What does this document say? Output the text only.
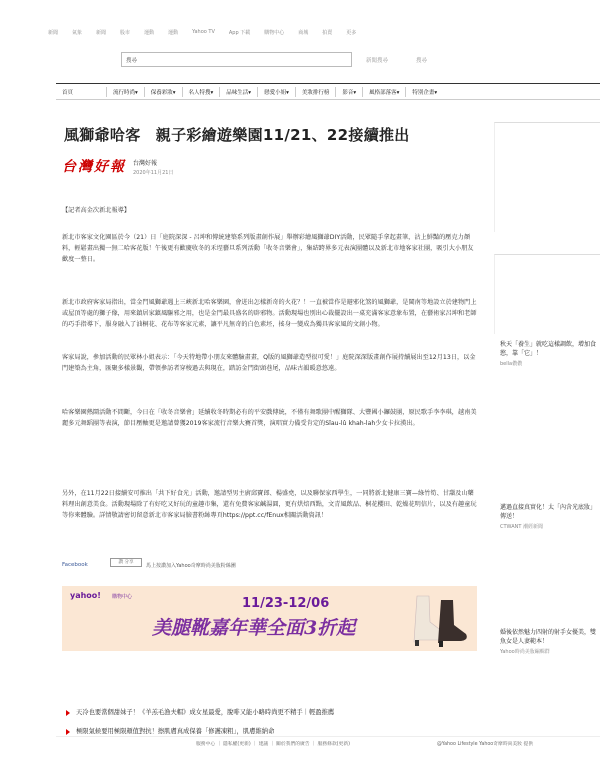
新聞	氣象	新聞	股市	運動	運動	Yahoo TV	App 下載	購物中心	商城	拍賣	更多
搜尋	新聞搜尋	搜尋
首頁	流行時尚▾	保養彩妝▾	名人特搜▾	品味生活▾	戀愛小姐▾	美妝排行榜	影音▾	風格部落客▾	特別企畫▾
風獅爺哈客　親子彩繪遊樂園11/21、22接續推出
台灣好報 台灣好報
2020年11月21日

【記者高金次新北報導】

新北市客家文化園區於今（21）日「庭院深深 - 呂坤和傳統建築系列版畫創作展」舉辦彩繪風獅爺DIY活動，民眾隨手拿起畫筆，沾上鮮豔的壓克力顏料，輕鬆畫出獨一無二哈客花版！午後更有歡慶收冬的禾埕藝旦系列活動「收冬音樂會」，集結跨界多元表演團體以及新北市地客家社團，吸引大小朋友歡度一整日。

新北市政府客家局指出，當金門風獅爺遇上三峽新北哈客樂園，會迸出怎樣新奇的火花？！一直被當作是避邪化煞的風獅爺，是閩南等地設立於建物門上或屋頂等處的獅子像，用來鎮居家鎮風驅邪之用，也是金門最具盛名的辟邪物。活動現場也別出心裁擺設出一桌充滿客家意象布置，在藝術家呂坤和老師的巧手指導下，服身融入了油桐花、花布等客家元素，讓平凡無奇的白色素坯，搖身一變成為獨具客家風的文創小物。

客家局說，參加活動的民眾林小姐表示：「今天特地帶小朋友來體驗畫畫，Q版的風獅爺造型很可愛！」庭院深深版畫創作展持續展出至12月13日，以金門建築為主角，匯聚多樣景觀，帶領參訪者穿梭過去與現在，踏訪金門街頭巷尾，品味古韻暖意悠遠。

哈客樂園熱鬧活動不間斷，今日在「收冬音樂會」延續收冬時期必有的平安戲傳統，不僅有舞歌團中醒獅隊、大豐國小鑼鼓團，原民歌手李李琪，越南美麗多元舞蹈團等表演，節目壓軸更是邀請曾獲2019客家流行音樂大賽首獎，演唱實力備受肯定的Sîau-lû khah-lah少女卡拉漢出。

另外，在11月22日接續安可推出「共下好食光」活動，邀請型男主廚邱寶郎、楊盛堯，以及聯保家西學生，一同將新北健康三寶—綠竹筍、甘藷及山藥料理出創意美食。活動現場除了有好吃又好玩的童趣市集，還有免費客家鹹湯圓，更有烘焙西點，文青風飲品、桐花櫻田、乾燥花明信片，以及有趣童玩等你來體驗。詳情敬請密切留意新北市客家局臉書粉絲專頁https://ppt.cc/fEnux相關活動資訊！

Facebook	讚 分享
馬上按讚加入Yahoo奇摩時尚美妝粉絲團
yahoo! 購物中心	11/23-12/06
美腿靴嘉年華全面3折起
秋天「養生」就吃這樣調飲，增加食慾，靠「它」！
bella儂儂
邁過直接真實化！太「內含光底妝」傳送！
CTWANT 潮經新聞
婚後依然魅力四射的射手女優美，雙魚女是人妻範本！
Yahoo時尚美妝編輯群
天冷也要當個甜妹子！《羊羔毛漁夫帽》成女星最愛，脫啡又能小略時尚更不精手｜輕盈推薦
極限氣候要用極限顏值對抗！擦肌膚真成保養「修護凍粗」，肌膚維納命
服務中心 ｜ 隱私權(更新) ｜ 建議 ｜ 關於我們的廣告 ｜ 服務條款(更新)	@Yahoo Lifestyle Yahoo奇摩時尚美妝 提供
